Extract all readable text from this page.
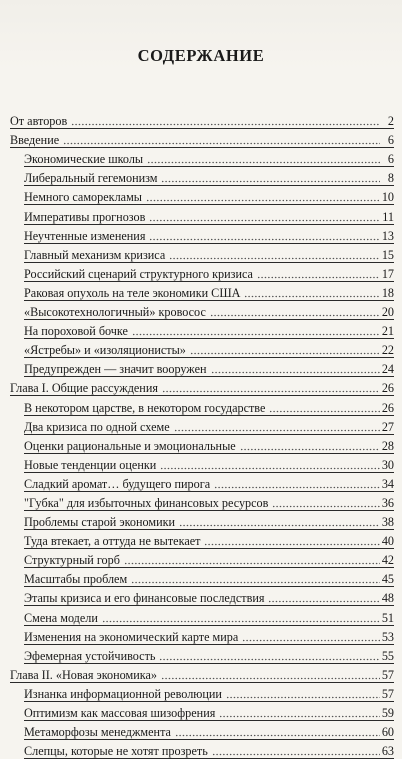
СОДЕРЖАНИЕ
От авторов	2
Введение	6
Экономические школы	6
Либеральный гегемонизм	8
Немного саморекламы	10
Императивы прогнозов	11
Неучтенные изменения	13
Главный механизм кризиса	15
Российский сценарий структурного кризиса	17
Раковая опухоль на теле экономики США	18
«Высокотехнологичный» кровосос	20
На пороховой бочке	21
«Ястребы» и «изоляционисты»	22
Предупрежден — значит вооружен	24
Глава I. Общие рассуждения	26
В некотором царстве, в некотором государстве	26
Два кризиса по одной схеме	27
Оценки рациональные и эмоциональные	28
Новые тенденции оценки	30
Сладкий аромат… будущего пирога	34
"Губка" для избыточных финансовых ресурсов	36
Проблемы старой экономики	38
Туда втекает, а оттуда не вытекает	40
Структурный горб	42
Масштабы проблем	45
Этапы кризиса и его финансовые последствия	48
Смена модели	51
Изменения на экономический карте мира	53
Эфемерная устойчивость	55
Глава II. «Новая экономика»	57
Изнанка информационной революции	57
Оптимизм как массовая шизофрения	59
Метаморфозы менеджмента	60
Слепцы, которые не хотят прозреть	63
